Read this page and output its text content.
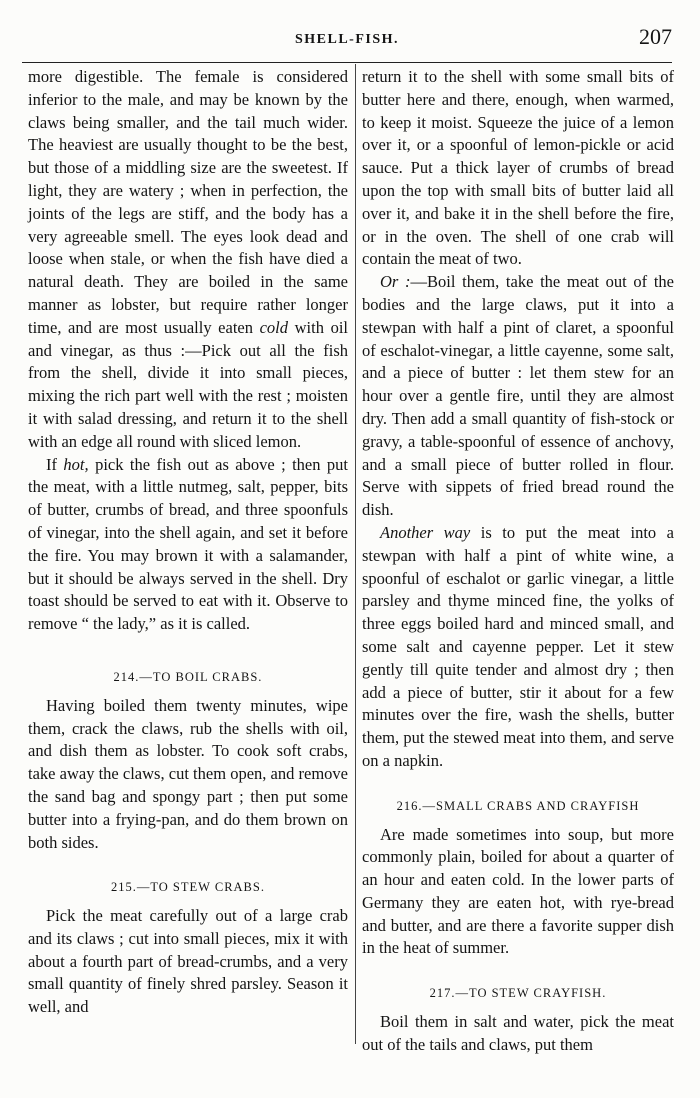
SHELL-FISH.	207

more digestible. The female is considered inferior to the male, and may be known by the claws being smaller, and the tail much wider. The heaviest are usually thought to be the best, but those of a middling size are the sweetest. If light, they are watery ; when in perfection, the joints of the legs are stiff, and the body has a very agreeable smell. The eyes look dead and loose when stale, or when the fish have died a natural death. They are boiled in the same manner as lobster, but require rather longer time, and are most usually eaten cold with oil and vinegar, as thus :—Pick out all the fish from the shell, divide it into small pieces, mixing the rich part well with the rest ; moisten it with salad dressing, and return it to the shell with an edge all round with sliced lemon.

If hot, pick the fish out as above ; then put the meat, with a little nutmeg, salt, pepper, bits of butter, crumbs of bread, and three spoonfuls of vinegar, into the shell again, and set it before the fire. You may brown it with a salamander, but it should be always served in the shell. Dry toast should be served to eat with it. Observe to remove “ the lady,” as it is called.

214.—TO BOIL CRABS.

Having boiled them twenty minutes, wipe them, crack the claws, rub the shells with oil, and dish them as lobster. To cook soft crabs, take away the claws, cut them open, and remove the sand bag and spongy part ; then put some butter into a frying-pan, and do them brown on both sides.

215.—TO STEW CRABS.

Pick the meat carefully out of a large crab and its claws ; cut into small pieces, mix it with about a fourth part of bread-crumbs, and a very small quantity of finely shred parsley. Season it well, and

return it to the shell with some small bits of butter here and there, enough, when warmed, to keep it moist. Squeeze the juice of a lemon over it, or a spoonful of lemon-pickle or acid sauce. Put a thick layer of crumbs of bread upon the top with small bits of butter laid all over it, and bake it in the shell before the fire, or in the oven. The shell of one crab will contain the meat of two.

Or :—Boil them, take the meat out of the bodies and the large claws, put it into a stewpan with half a pint of claret, a spoonful of eschalot-vinegar, a little cayenne, some salt, and a piece of butter : let them stew for an hour over a gentle fire, until they are almost dry. Then add a small quantity of fish-stock or gravy, a table-spoonful of essence of anchovy, and a small piece of butter rolled in flour. Serve with sippets of fried bread round the dish.

Another way is to put the meat into a stewpan with half a pint of white wine, a spoonful of eschalot or garlic vinegar, a little parsley and thyme minced fine, the yolks of three eggs boiled hard and minced small, and some salt and cayenne pepper. Let it stew gently till quite tender and almost dry ; then add a piece of butter, stir it about for a few minutes over the fire, wash the shells, butter them, put the stewed meat into them, and serve on a napkin.

216.—SMALL CRABS AND CRAYFISH

Are made sometimes into soup, but more commonly plain, boiled for about a quarter of an hour and eaten cold. In the lower parts of Germany they are eaten hot, with rye-bread and butter, and are there a favorite supper dish in the heat of summer.

217.—TO STEW CRAYFISH.

Boil them in salt and water, pick the meat out of the tails and claws, put them
